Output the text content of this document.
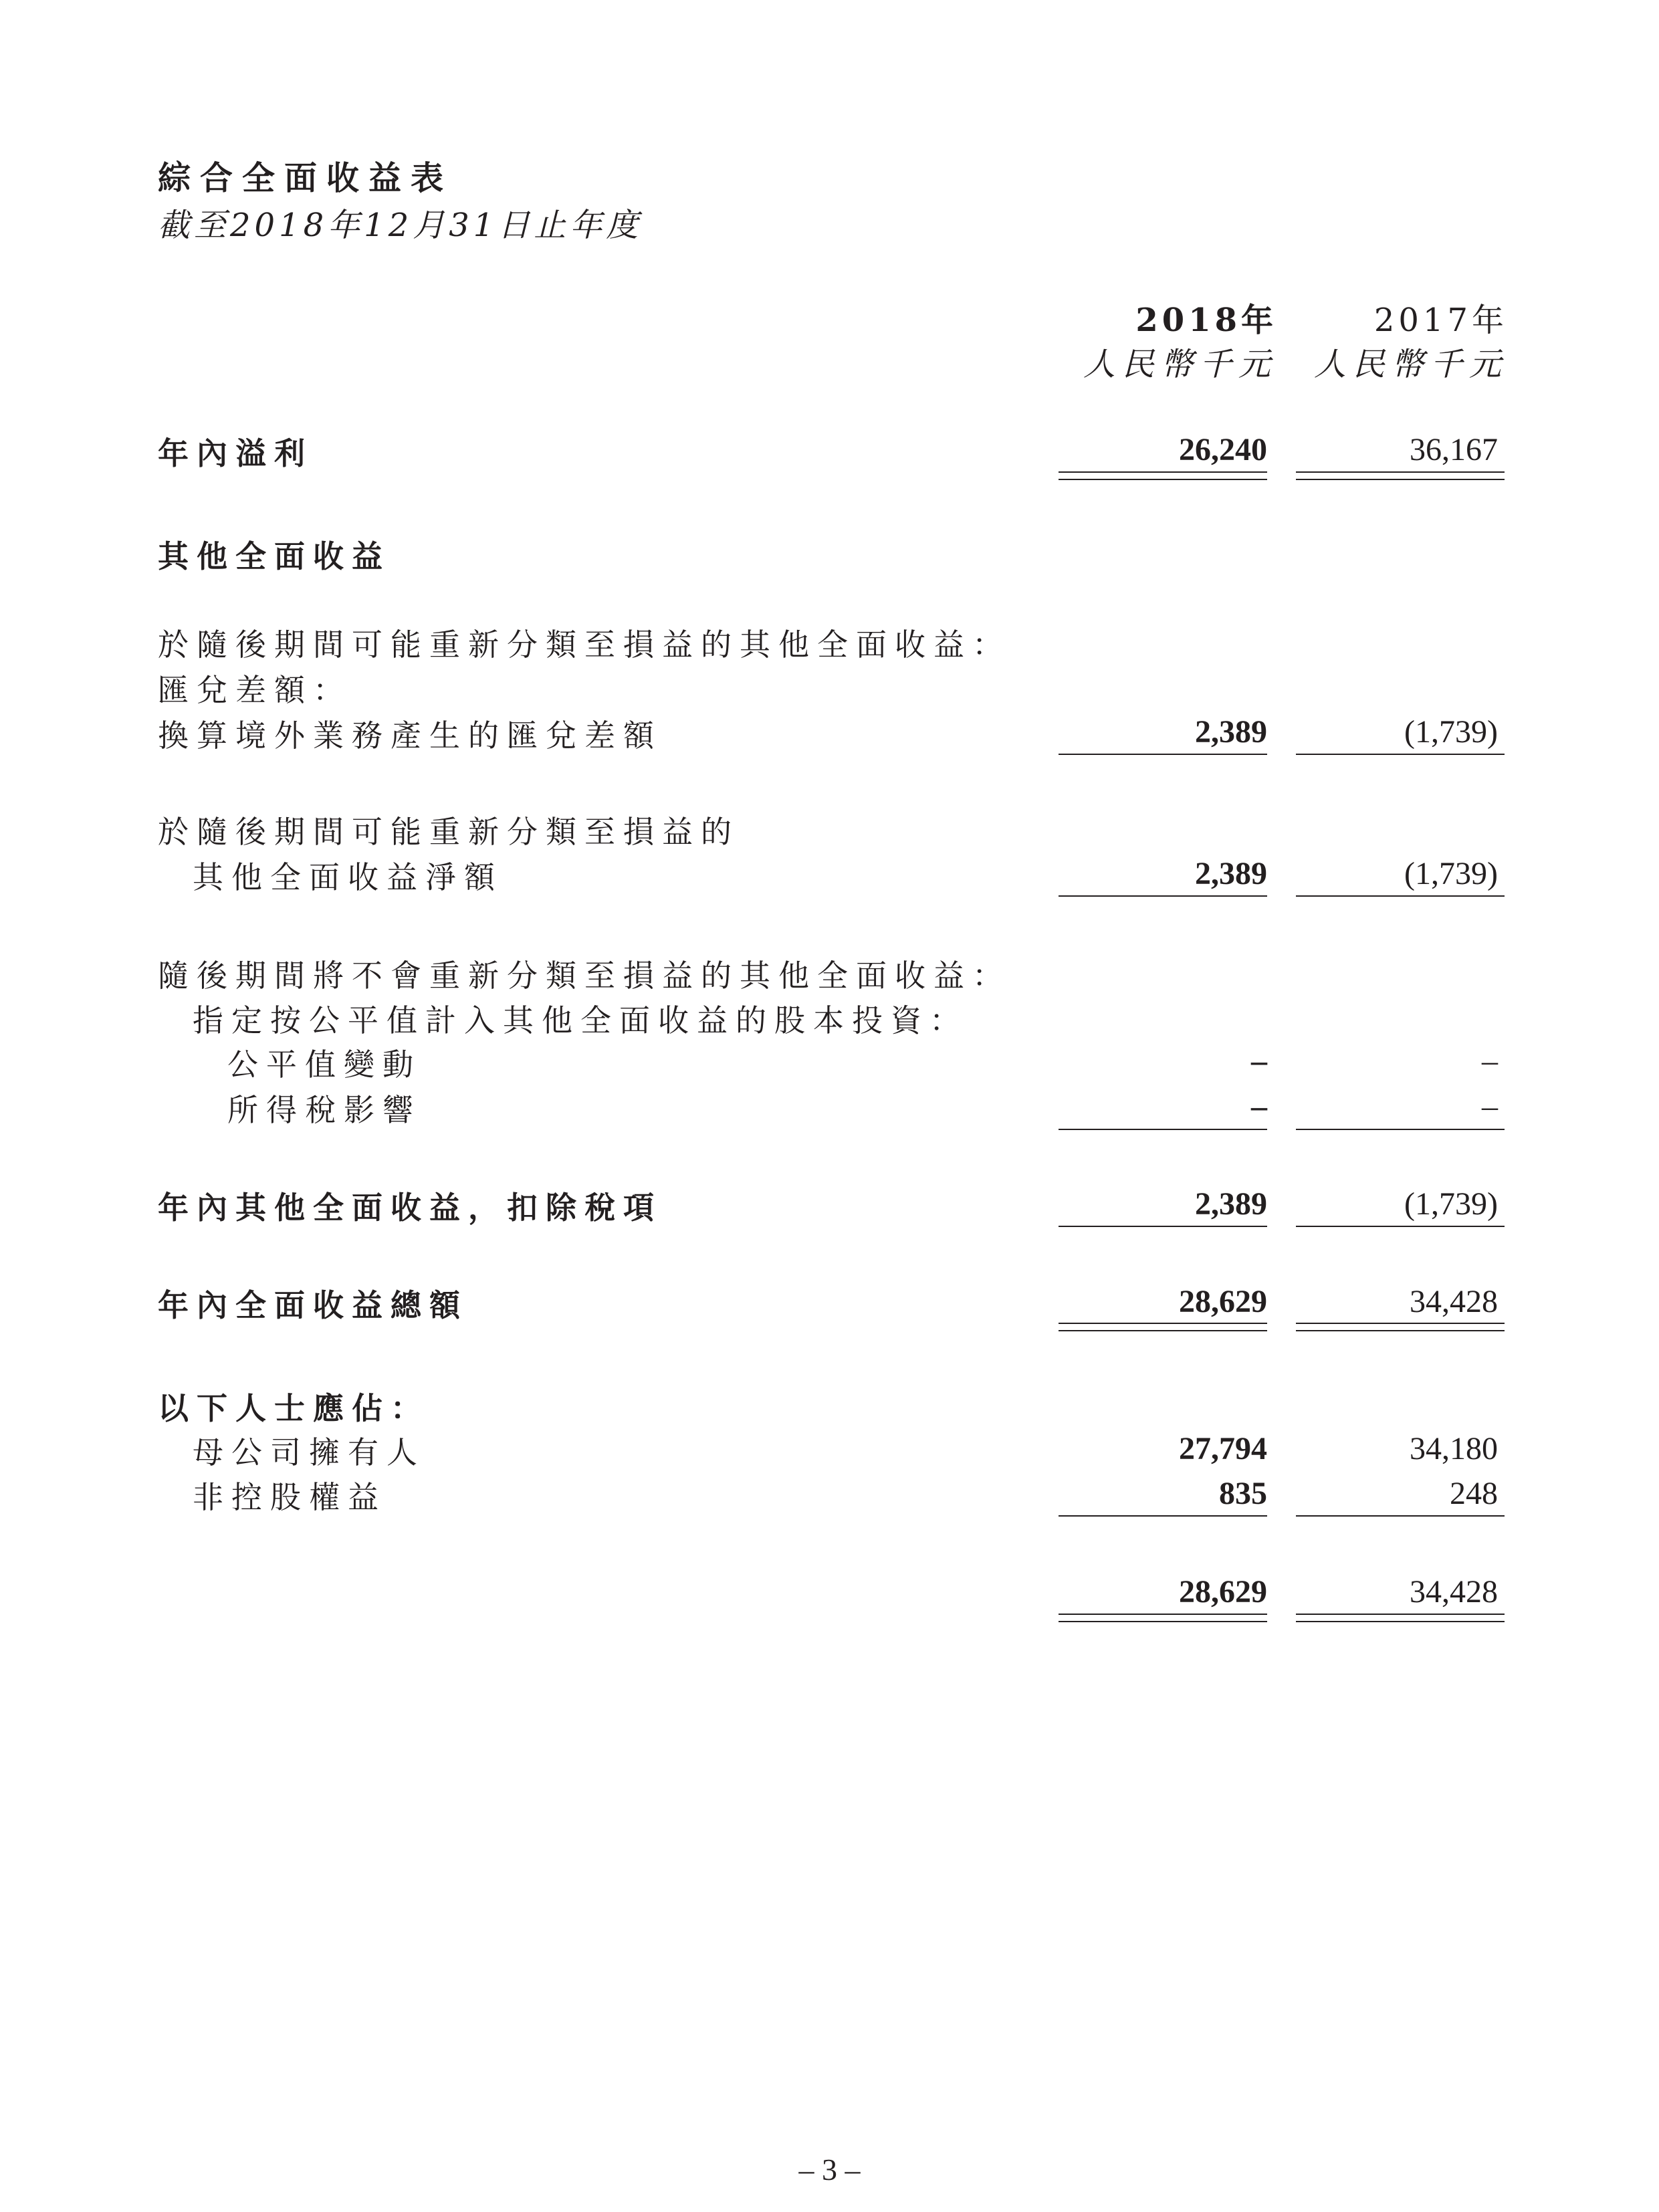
綜合全面收益表
截至2018年12月31日止年度
2018年
人民幣千元
2017年
人民幣千元
年內溢利	26,240	36,167
其他全面收益
於隨後期間可能重新分類至損益的其他全面收益：
匯兌差額：
換算境外業務產生的匯兌差額	2,389	(1,739)
於隨後期間可能重新分類至損益的
其他全面收益淨額	2,389	(1,739)
隨後期間將不會重新分類至損益的其他全面收益：
指定按公平值計入其他全面收益的股本投資：
公平值變動	–	–
所得稅影響	–	–
年內其他全面收益，扣除稅項	2,389	(1,739)
年內全面收益總額	28,629	34,428
以下人士應佔：
母公司擁有人	27,794	34,180
非控股權益	835	248
28,629	34,428
– 3 –
